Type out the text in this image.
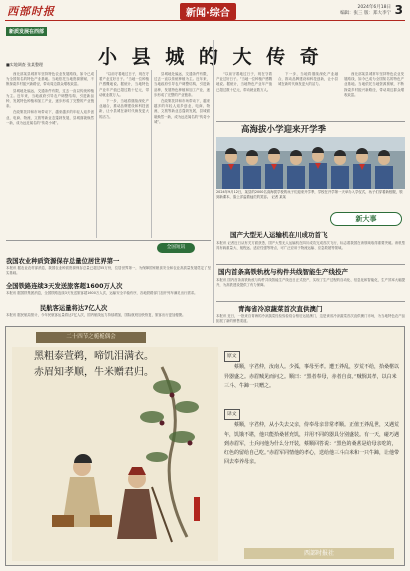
西部时报	新闻·综合
2024年6月18日
编辑：张三 版：郑大李宁 3
新质发展在西部
小 县 城 的 大 传 奇
■实地调查 张某整理

西北部某县城常年坚持特色农业发展路线，如今已成为全国知名的特色产业基地。当地依托当地资源禀赋，不断探索乡村振兴新路径，带动周边群众增收致富。

县城地处偏远，交通条件有限，过去一直以传统种植为主。近年来，当地政府引导农户调整结构，引进新品种，发展特色种植和加工产业，逐步形成了完整的产业链条。

在政策扶持和市场带动下，越来越多的年轻人返乡创业，电商、物流、文旅等新业态蓬勃发展，县城面貌焕然一新，成为远近闻名的“传奇小城”。

“以前守着地过日子，现在守着产业过好日子。”当地一位种植户感慨地说。据统计，当地特色产业年产值已超过数十亿元，带动就业数万人。

下一步，当地将继续深化产业融合，推动品牌建设和科技创新，让小县城在新时代焕发更大的活力。

县城地处偏远，交通条件有限，过去一直以传统种植为主。近年来，当地政府引导农户调整结构，引进新品种，发展特色种植和加工产业，逐步形成了完整的产业链条。

在政策扶持和市场带动下，越来越多的年轻人返乡创业，电商、物流、文旅等新业态蓬勃发展，县城面貌焕然一新，成为远近闻名的“传奇小城”。

“以前守着地过日子，现在守着产业过好日子。”当地一位种植户感慨地说。据统计，当地特色产业年产值已超过数十亿元，带动就业数万人。

下一步，当地将继续深化产业融合，推动品牌建设和科技创新，让小县城在新时代焕发更大的活力。

西北部某县城常年坚持特色农业发展路线，如今已成为全国知名的特色产业基地。当地依托当地资源禀赋，不断探索乡村振兴新路径，带动周边群众增收致富。

高海拔小学迎来开学季
2024年9月12日，某县的2000名高海拔学校的孩子们迎来开学季，学校在开学第一天举办入学仪式，孩子们穿着新校服，领到新课本，脸上洋溢着灿烂的笑容。 记者 某某
新大事
国产大型无人运输机在川成功首飞
本报讯 记者近日从有关方面获悉，国产大型无人运输机在四川成功完成首次飞行，标志着我国在该领域取得重要突破。该机型具有载重量大、航程远、适应性强等特点，可广泛应用于物流运输、应急救援等领域。
国内首条高铁轨枕与构件共线智能生产线投产
本报讯 国内首条高铁轨枕与构件共线智能生产线近日正式投产，实现了生产过程的自动化、信息化和智能化，生产效率大幅提升，为高铁建设提供了有力保障。
青海省冷凉蔬菜首次直供澳门
本报讯 近日，一批来自青海的冷凉蔬菜经检验检疫合格后运抵澳门，这是该省冷凉蔬菜首次直供澳门市场，为当地特色农产品拓展了新的销售渠道。
全国短讯
我国农业种质资源保存总量位居世界第一
本报讯 据农业农村部消息，我国农业种质资源保存总量已超过55万份，位居世界第一，为保障国家粮食安全和农业高质量发展奠定了坚实基础。
全国铁路连续3天发送旅客超1600万人次
本报讯 据国铁集团消息，全国铁路连续3天发送旅客超1600万人次，运输安全平稳有序，各地铁路部门加开列车满足出行需求。
民航客运量将达7亿人次
本报讯 据民航局预计，今年民航客运量将达7亿人次，国内航线运力持续增加，国际航班加快恢复，旅客出行更加便捷。
二十四节之栀栀偶会
黑粗泰萱鹈，啼饥泪满衣。
赤眉知孝顺，牛米赠君归。
原文

蔡顺，字君仲，汝南人。少孤，事母至孝。遭王莽乱，岁荒不给，拾桑椹以异器盛之。赤眉贼见而问之。顺曰：“黑者奉母，赤者自食。”贼悯其孝，以白米三斗、牛蹄一只赠之。

译文

蔡顺，字君仲，从小失去父亲，侍奉母亲非常孝顺。正值王莽乱世，又遇荒年，饥饿不堪，他只能拾桑葚充饥，并用不同的器具分别盛装。有一天，碰巧遇到赤眉军，士兵问他为什么分开装，蔡顺回答说：“黑色的桑葚是给母亲吃的，红色的留给自己吃。”赤眉军同情他的孝心，送给他三斗白米和一只牛蹄，让他带回去奉养母亲。

西部时报社
